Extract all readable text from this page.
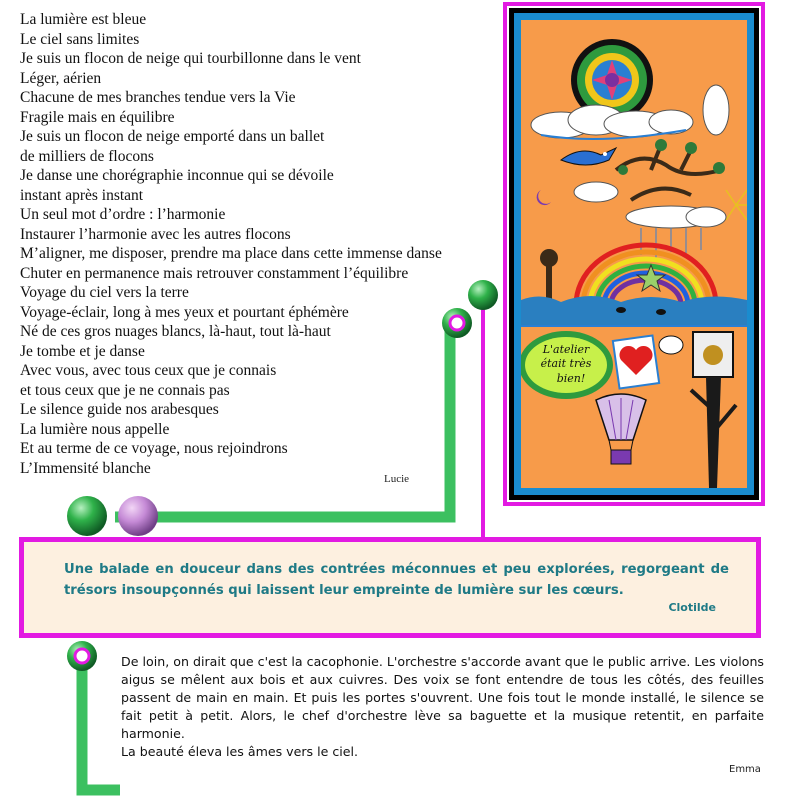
La lumière est bleue
Le ciel sans limites
Je suis un flocon de neige qui tourbillonne dans le vent
Léger, aérien
Chacune de mes branches tendue vers la Vie
Fragile mais en équilibre
Je suis un flocon de neige emporté dans un ballet
de milliers de flocons
Je danse une chorégraphie inconnue qui se dévoile
instant après instant
Un seul mot d’ordre : l’harmonie
Instaurer l’harmonie avec les autres flocons
M’aligner, me disposer, prendre ma place dans cette immense danse
Chuter en permanence mais retrouver constamment l’équilibre
Voyage du ciel vers la terre
Voyage-éclair, long à mes yeux et pourtant éphémère
Né de ces gros nuages blancs, là-haut, tout là-haut
Je tombe et je danse
Avec vous, avec tous ceux que je connais
et tous ceux que je ne connais pas
Le silence guide nos arabesques
La lumière nous appelle
Et au terme de ce voyage, nous rejoindrons
L’Immensité blanche
Lucie
L'atelier
était très
bien!
Une balade en douceur dans des contrées méconnues et peu explorées, regorgeant de trésors insoupçonnés qui laissent leur empreinte de lumière sur les cœurs.
Clotilde
De loin, on dirait que c'est la cacophonie. L'orchestre s'accorde avant que le public arrive. Les violons aigus se mêlent aux bois et aux cuivres. Des voix se font entendre de tous les côtés, des feuilles passent de main en main. Et puis les portes s'ouvrent. Une fois tout le monde installé, le silence se fait petit à petit. Alors, le chef d'orchestre lève sa baguette et la musique retentit, en parfaite harmonie.
La beauté éleva les âmes vers le ciel.
Emma
